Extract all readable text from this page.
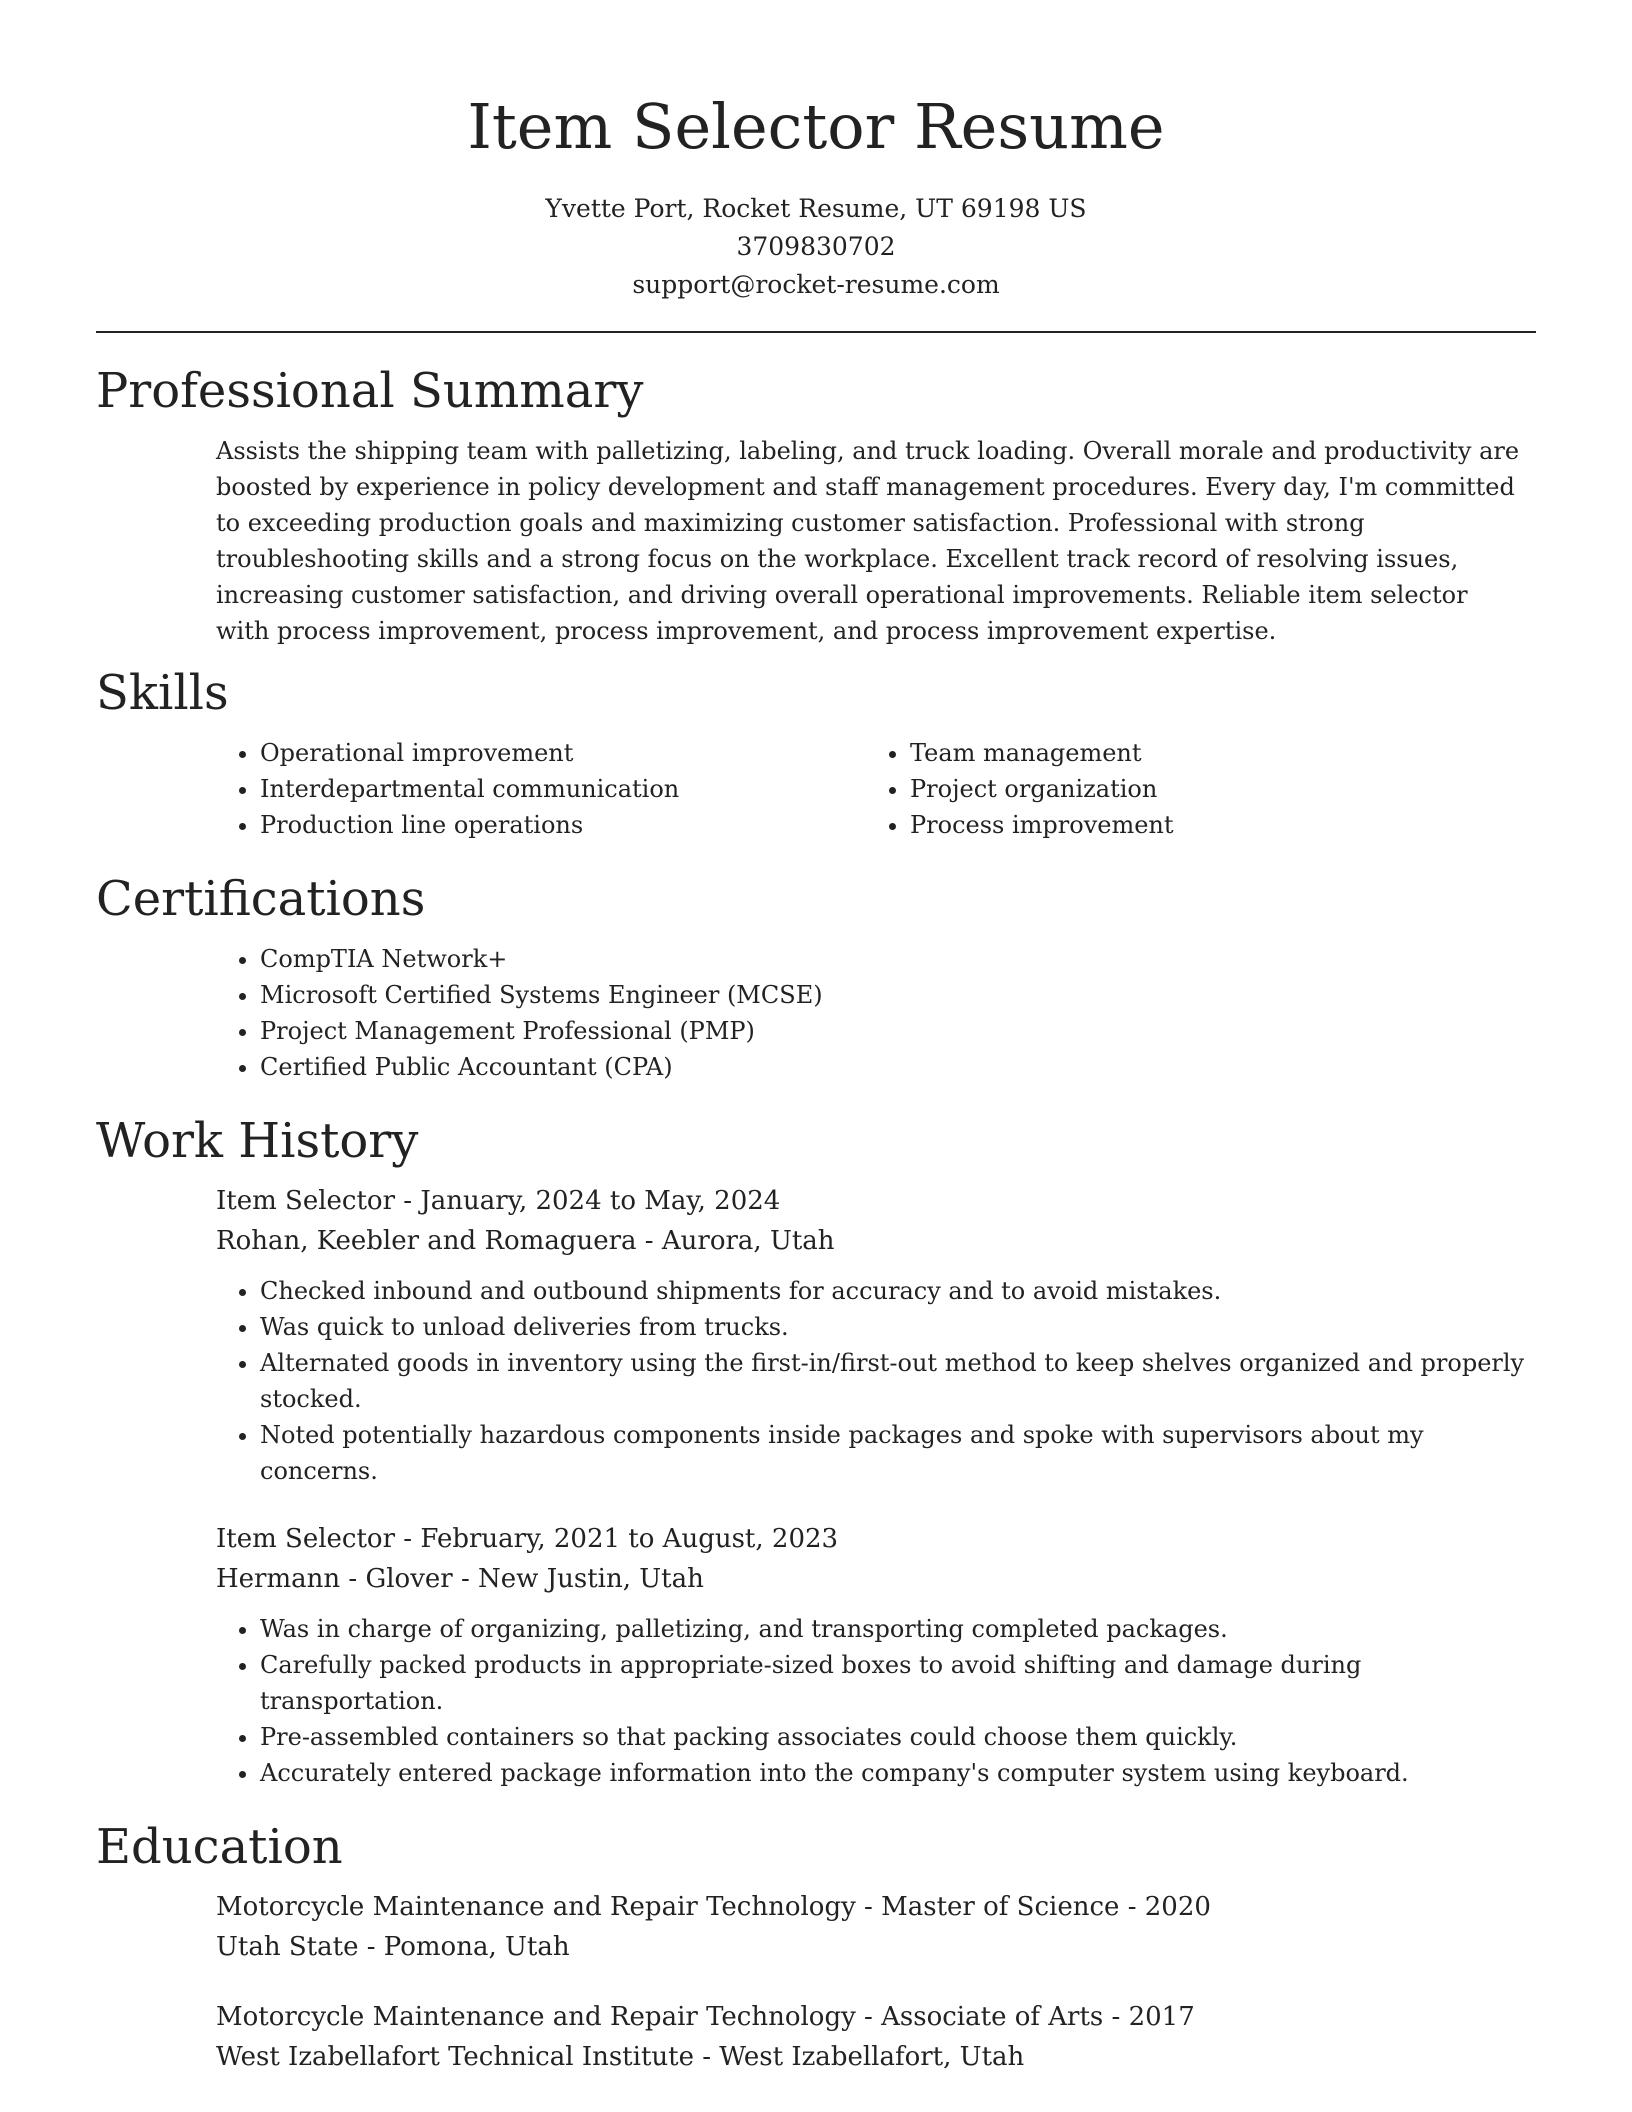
Item Selector Resume
Yvette Port, Rocket Resume, UT 69198 US
3709830702
support@rocket-resume.com
Professional Summary

Assists the shipping team with palletizing, labeling, and truck loading. Overall morale and productivity are boosted by experience in policy development and staff management procedures. Every day, I'm committed to exceeding production goals and maximizing customer satisfaction. Professional with strong troubleshooting skills and a strong focus on the workplace. Excellent track record of resolving issues, increasing customer satisfaction, and driving overall operational improvements. Reliable item selector with process improvement, process improvement, and process improvement expertise.

Skills
• Operational improvement
• Interdepartmental communication
• Production line operations
• Team management
• Project organization
• Process improvement
Certifications
• CompTIA Network+
• Microsoft Certified Systems Engineer (MCSE)
• Project Management Professional (PMP)
• Certified Public Accountant (CPA)
Work History
Item Selector - January, 2024 to May, 2024
Rohan, Keebler and Romaguera - Aurora, Utah
• Checked inbound and outbound shipments for accuracy and to avoid mistakes.
• Was quick to unload deliveries from trucks.
• Alternated goods in inventory using the first-in/first-out method to keep shelves organized and properly stocked.
• Noted potentially hazardous components inside packages and spoke with supervisors about my concerns.
Item Selector - February, 2021 to August, 2023
Hermann - Glover - New Justin, Utah
• Was in charge of organizing, palletizing, and transporting completed packages.
• Carefully packed products in appropriate-sized boxes to avoid shifting and damage during transportation.
• Pre-assembled containers so that packing associates could choose them quickly.
• Accurately entered package information into the company's computer system using keyboard.
Education
Motorcycle Maintenance and Repair Technology - Master of Science - 2020
Utah State - Pomona, Utah
Motorcycle Maintenance and Repair Technology - Associate of Arts - 2017
West Izabellafort Technical Institute - West Izabellafort, Utah
